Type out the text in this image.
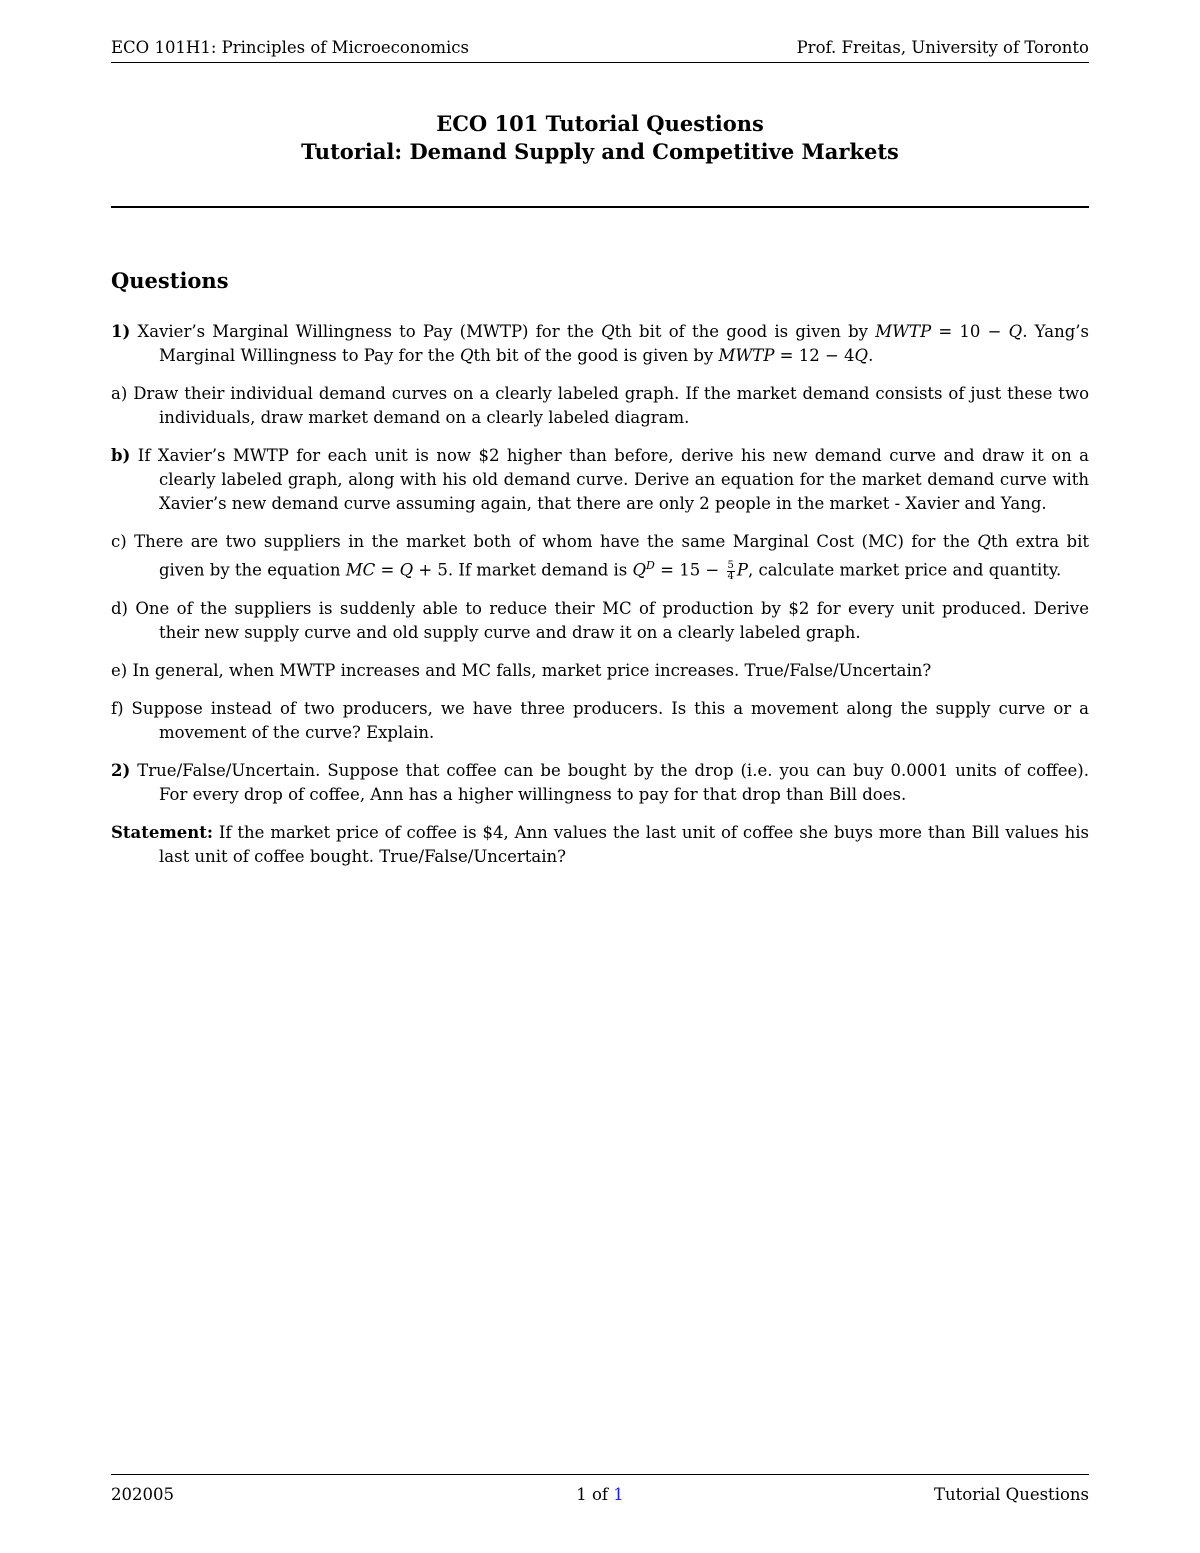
ECO 101H1: Principles of Microeconomics	Prof. Freitas, University of Toronto
ECO 101 Tutorial Questions
Tutorial: Demand Supply and Competitive Markets
Questions

1) Xavier’s Marginal Willingness to Pay (MWTP) for the Qth bit of the good is given by MWTP = 10 − Q. Yang’s Marginal Willingness to Pay for the Qth bit of the good is given by MWTP = 12 − 4Q.

a) Draw their individual demand curves on a clearly labeled graph. If the market demand consists of just these two individuals, draw market demand on a clearly labeled diagram.

b) If Xavier’s MWTP for each unit is now $2 higher than before, derive his new demand curve and draw it on a clearly labeled graph, along with his old demand curve. Derive an equation for the market demand curve with Xavier’s new demand curve assuming again, that there are only 2 people in the market - Xavier and Yang.

c) There are two suppliers in the market both of whom have the same Marginal Cost (MC) for the Qth extra bit given by the equation MC = Q + 5. If market demand is $Q^D = 15 - \frac{5}{4} P$, calculate market price and quantity.

d) One of the suppliers is suddenly able to reduce their MC of production by $2 for every unit produced. Derive their new supply curve and old supply curve and draw it on a clearly labeled graph.

e) In general, when MWTP increases and MC falls, market price increases. True/False/Uncertain?

f) Suppose instead of two producers, we have three producers. Is this a movement along the supply curve or a movement of the curve? Explain.

2) True/False/Uncertain. Suppose that coffee can be bought by the drop (i.e. you can buy 0.0001 units of coffee). For every drop of coffee, Ann has a higher willingness to pay for that drop than Bill does.

Statement: If the market price of coffee is $4, Ann values the last unit of coffee she buys more than Bill values his last unit of coffee bought. True/False/Uncertain?

202005	1 of 1	Tutorial Questions
